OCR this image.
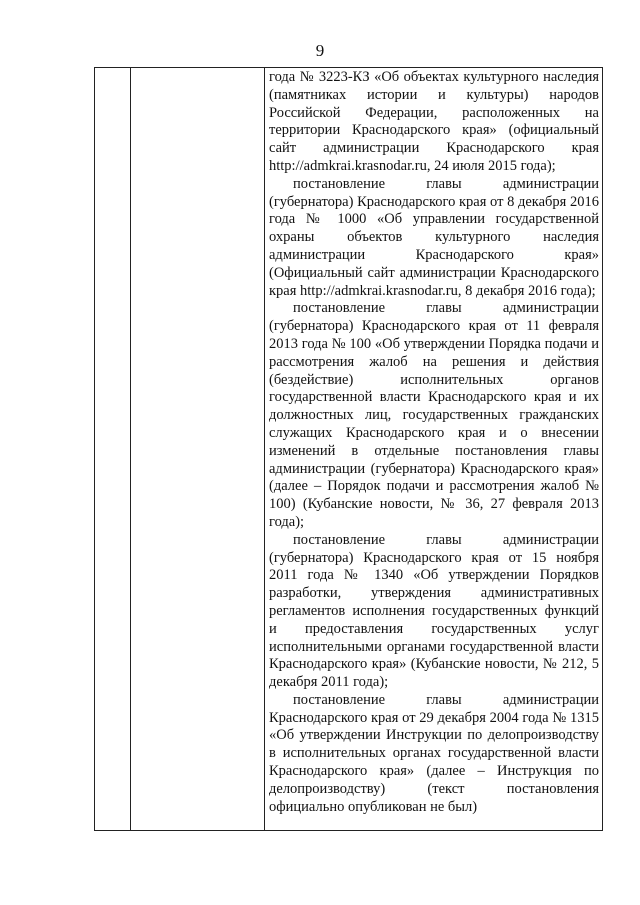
9

года № 3223-КЗ «Об объектах культурного наследия (памятниках истории и культуры) народов Российской Федерации, расположенных на территории Краснодарского края» (официальный сайт администрации Краснодарского края http://admkrai.krasnodar.ru, 24 июля 2015 года);

постановление главы администрации (губернатора) Краснодарского края от 8 декабря 2016 года № 1000 «Об управлении государственной охраны объектов культурного наследия администрации Краснодарского края» (Официальный сайт администрации Краснодарского края http://admkrai.krasnodar.ru, 8 декабря 2016 года);

постановление главы администрации (губернатора) Краснодарского края от 11 февраля 2013 года № 100 «Об утверждении Порядка подачи и рассмотрения жалоб на решения и действия (бездействие) исполнительных органов государственной власти Краснодарского края и их должностных лиц, государственных гражданских служащих Краснодарского края и о внесении изменений в отдельные постановления главы администрации (губернатора) Краснодарского края» (далее – Порядок подачи и рассмотрения жалоб № 100) (Кубанские новости, № 36, 27 февраля 2013 года);

постановление главы администрации (губернатора) Краснодарского края от 15 ноября 2011 года № 1340 «Об утверждении Порядков разработки, утверждения административных регламентов исполнения государственных функций и предоставления государственных услуг исполнительными органами государственной власти Краснодарского края» (Кубанские новости, № 212, 5 декабря 2011 года);

постановление главы администрации Краснодарского края от 29 декабря 2004 года № 1315 «Об утверждении Инструкции по делопроизводству в исполнительных органах государственной власти Краснодарского края» (далее – Инструкция по делопроизводству) (текст постановления официально опубликован не был)
